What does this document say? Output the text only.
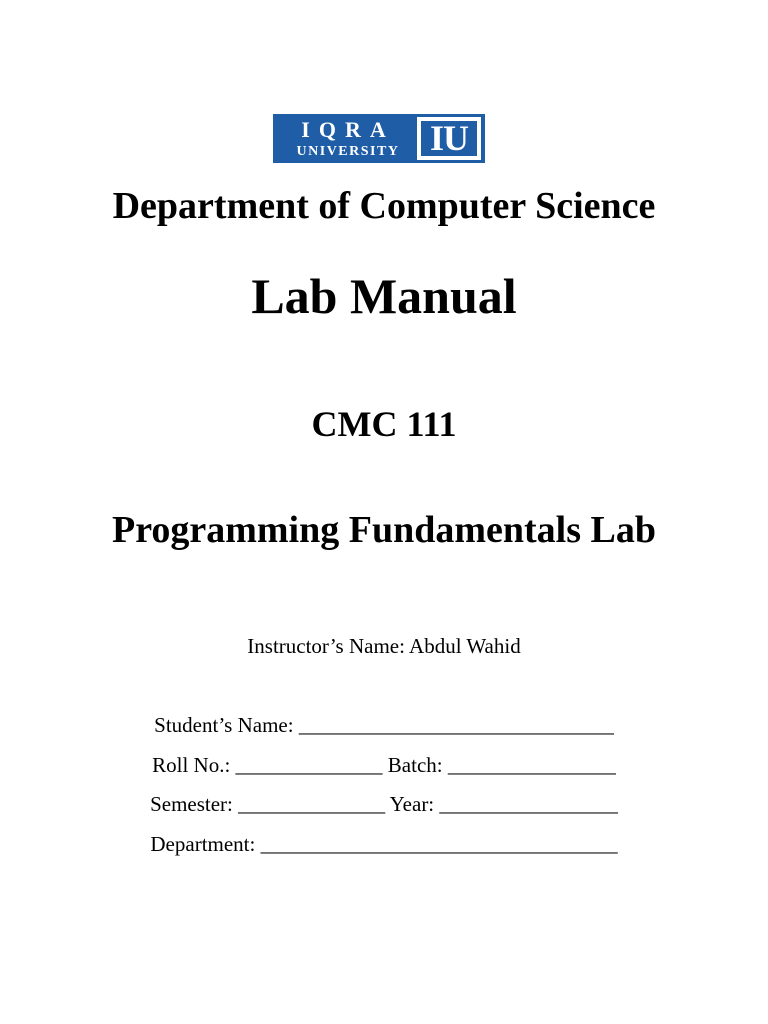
IQRA
UNIVERSITY IU
Department of Computer Science
Lab Manual
CMC 111
Programming Fundamentals Lab
Instructor’s Name: Abdul Wahid
Student’s Name: ______________________________
Roll No.: ______________ Batch: ________________
Semester: ______________ Year: _________________
Department: __________________________________
